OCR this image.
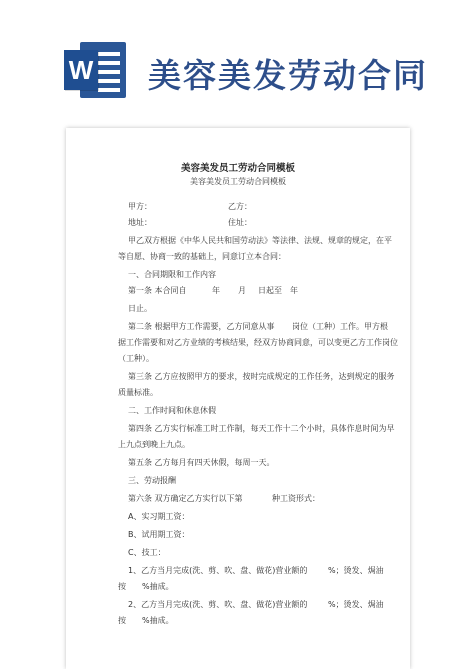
W 美容美发劳动合同
美容美发员工劳动合同模板
美容美发员工劳动合同模板
甲方：	乙方：
地址：	住址：
甲乙双方根据《中华人民共和国劳动法》等法律、法规、规章的规定，在平
等自愿、协商一致的基础上，同意订立本合同：
一、合同期限和工作内容
第一条 本合同自	年 月 日起至 年
日止。
第二条 根据甲方工作需要，乙方同意从事 岗位（工种）工作。甲方根
据工作需要和对乙方业绩的考核结果，经双方协商同意，可以变更乙方工作岗位
（工种）。
第三条 乙方应按照甲方的要求，按时完成规定的工作任务，达到规定的服务
质量标准。
二、工作时间和休息休假
第四条 乙方实行标准工时工作制，每天工作十二个小时，具体作息时间为早
上九点到晚上九点。
第五条 乙方每月有四天休假，每周一天。
三、劳动报酬
第六条 双方确定乙方实行以下第	种工资形式：
A、实习期工资：
B、试用期工资：
C、技工：
1、乙方当月完成(洗、剪、吹、盘、做花)营业额的	%；烫发、焗油
按 %抽成。
2、乙方当月完成(洗、剪、吹、盘、做花)营业额的	%；烫发、焗油
按 %抽成。
